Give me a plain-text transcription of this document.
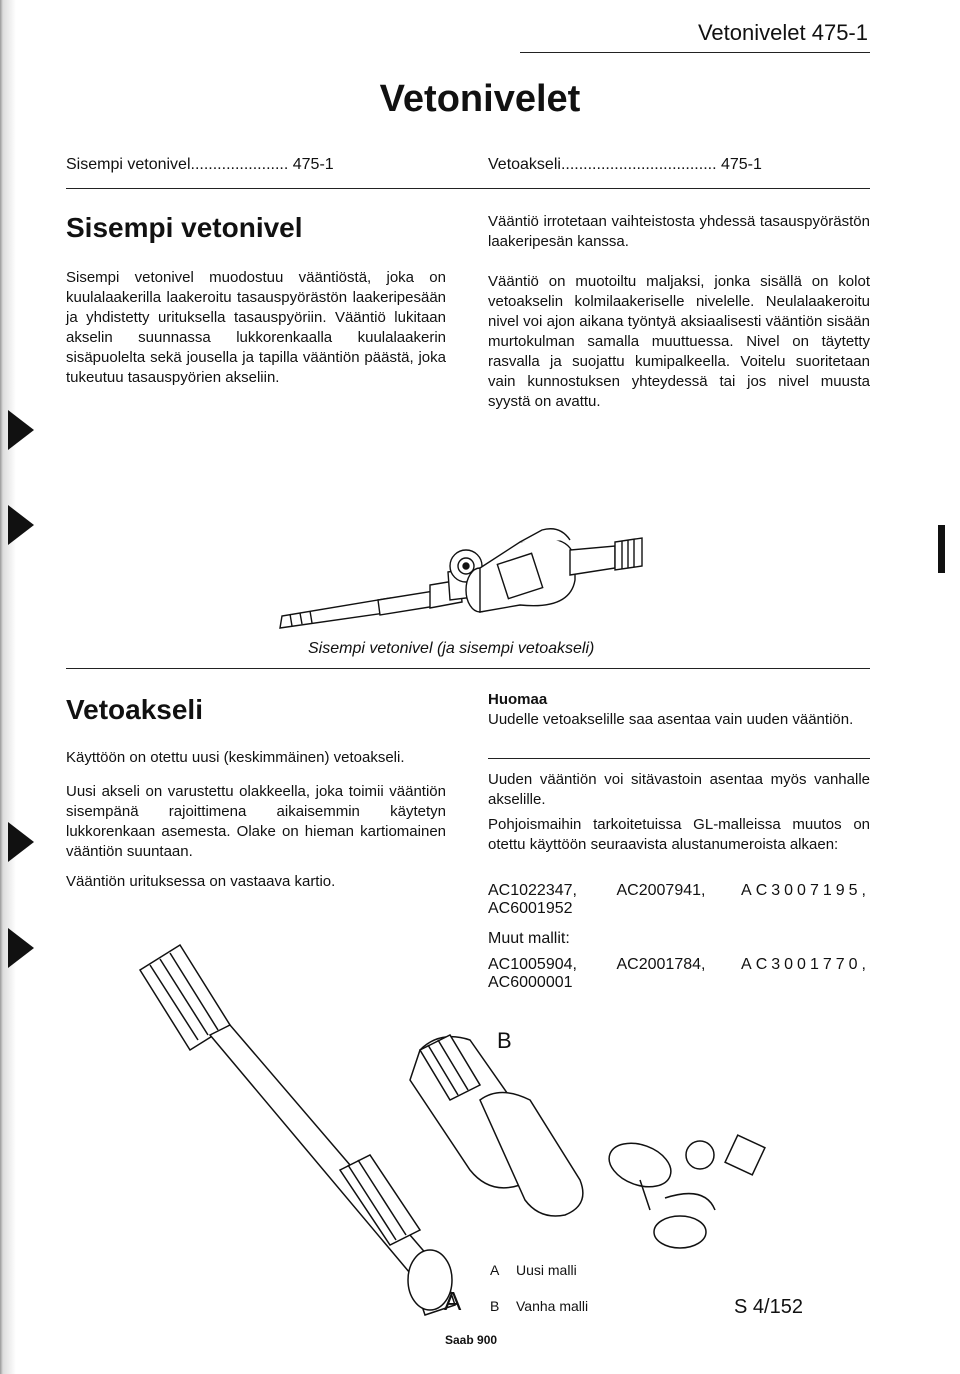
Vetonivelet 475-1
Vetonivelet
Sisempi vetonivel...................... 475-1	Vetoakseli................................... 475-1
Sisempi vetonivel
Sisempi vetonivel muodostuu vääntiöstä, joka on kuulalaakerilla laakeroitu tasauspyörästön laakeripesään ja yhdistetty urituksella tasauspyöriin. Vääntiö lukitaan akselin suunnassa lukkorenkaalla kuulalaakerin sisäpuolelta sekä jousella ja tapilla vääntiön päästä, joka tukeutuu tasauspyörien akseliin.
Vääntiö irrotetaan vaihteistosta yhdessä tasauspyörästön laakeripesän kanssa.
Vääntiö on muotoiltu maljaksi, jonka sisällä on kolot vetoakselin kolmilaakeriselle nivelelle. Neulalaakeroitu nivel voi ajon aikana työntyä aksiaalisesti vääntiön sisään murtokulman samalla muuttuessa. Nivel on täytetty rasvalla ja suojattu kumipalkeella. Voitelu suoritetaan vain kunnostuksen yhteydessä tai jos nivel muusta syystä on avattu.
Sisempi vetonivel (ja sisempi vetoakseli)
Vetoakseli
Käyttöön on otettu uusi (keskimmäinen) vetoakseli.
Uusi akseli on varustettu olakkeella, joka toimii vääntiön sisempänä rajoittimena aikaisemmin käytetyn lukkorenkaan asemesta. Olake on hieman kartiomainen vääntiön suuntaan.
Vääntiön urituksessa on vastaava kartio.
Huomaa
Uudelle vetoakselille saa asentaa vain uuden vääntiön.
Uuden vääntiön voi sitävastoin asentaa myös vanhalle akselille.
Pohjoismaihin tarkoitetuissa GL-malleissa muutos on otettu käyttöön seuraavista alustanumeroista alkaen:
AC1022347,	AC2007941,	AC3007195,
AC6001952
Muut mallit:
AC1005904,	AC2001784,	AC3001770,
AC6000001
B
A
A Uusi malli
B Vanha malli	S 4/152
Saab 900
